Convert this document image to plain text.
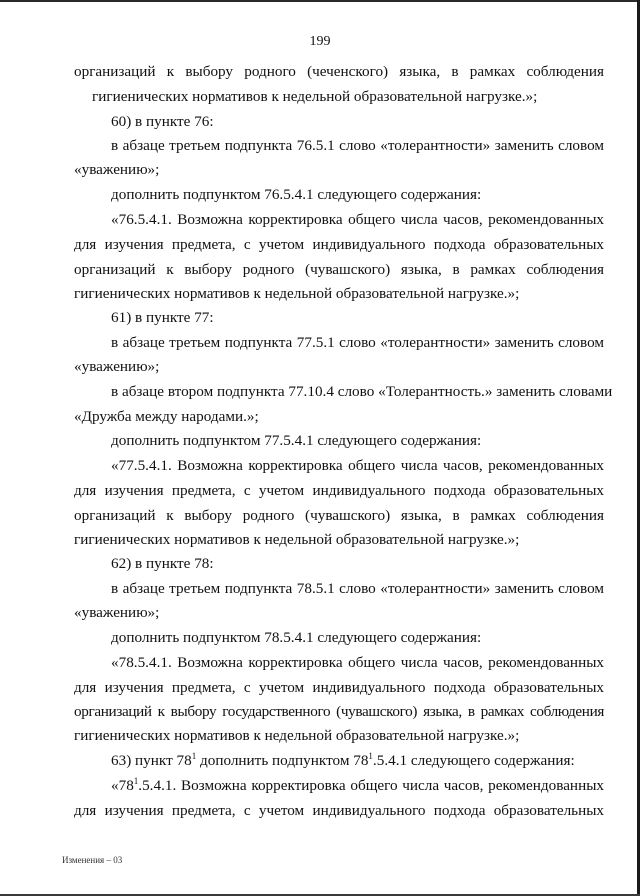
199
организаций к выбору родного (чеченского) языка, в рамках соблюдения
гигиенических нормативов к недельной образовательной нагрузке.»;
60) в пункте 76:
в абзаце третьем подпункта 76.5.1 слово «толерантности» заменить словом
«уважению»;
дополнить подпунктом 76.5.4.1 следующего содержания:
«76.5.4.1. Возможна корректировка общего числа часов, рекомендованных
для изучения предмета, с учетом индивидуального подхода образовательных
организаций к выбору родного (чувашского) языка, в рамках соблюдения
гигиенических нормативов к недельной образовательной нагрузке.»;
61) в пункте 77:
в абзаце третьем подпункта 77.5.1 слово «толерантности» заменить словом
«уважению»;
в абзаце втором подпункта 77.10.4 слово «Толерантность.» заменить словами
«Дружба между народами.»;
дополнить подпунктом 77.5.4.1 следующего содержания:
«77.5.4.1. Возможна корректировка общего числа часов, рекомендованных
для изучения предмета, с учетом индивидуального подхода образовательных
организаций к выбору родного (чувашского) языка, в рамках соблюдения
гигиенических нормативов к недельной образовательной нагрузке.»;
62) в пункте 78:
в абзаце третьем подпункта 78.5.1 слово «толерантности» заменить словом
«уважению»;
дополнить подпунктом 78.5.4.1 следующего содержания:
«78.5.4.1. Возможна корректировка общего числа часов, рекомендованных
для изучения предмета, с учетом индивидуального подхода образовательных
организаций к выбору государственного (чувашского) языка, в рамках соблюдения
гигиенических нормативов к недельной образовательной нагрузке.»;
63) пункт $78^1$ дополнить подпунктом $78^1.5.4.1$ следующего содержания:
«$78^1.5.4.1$. Возможна корректировка общего числа часов, рекомендованных
для изучения предмета, с учетом индивидуального подхода образовательных
Изменения – 03
